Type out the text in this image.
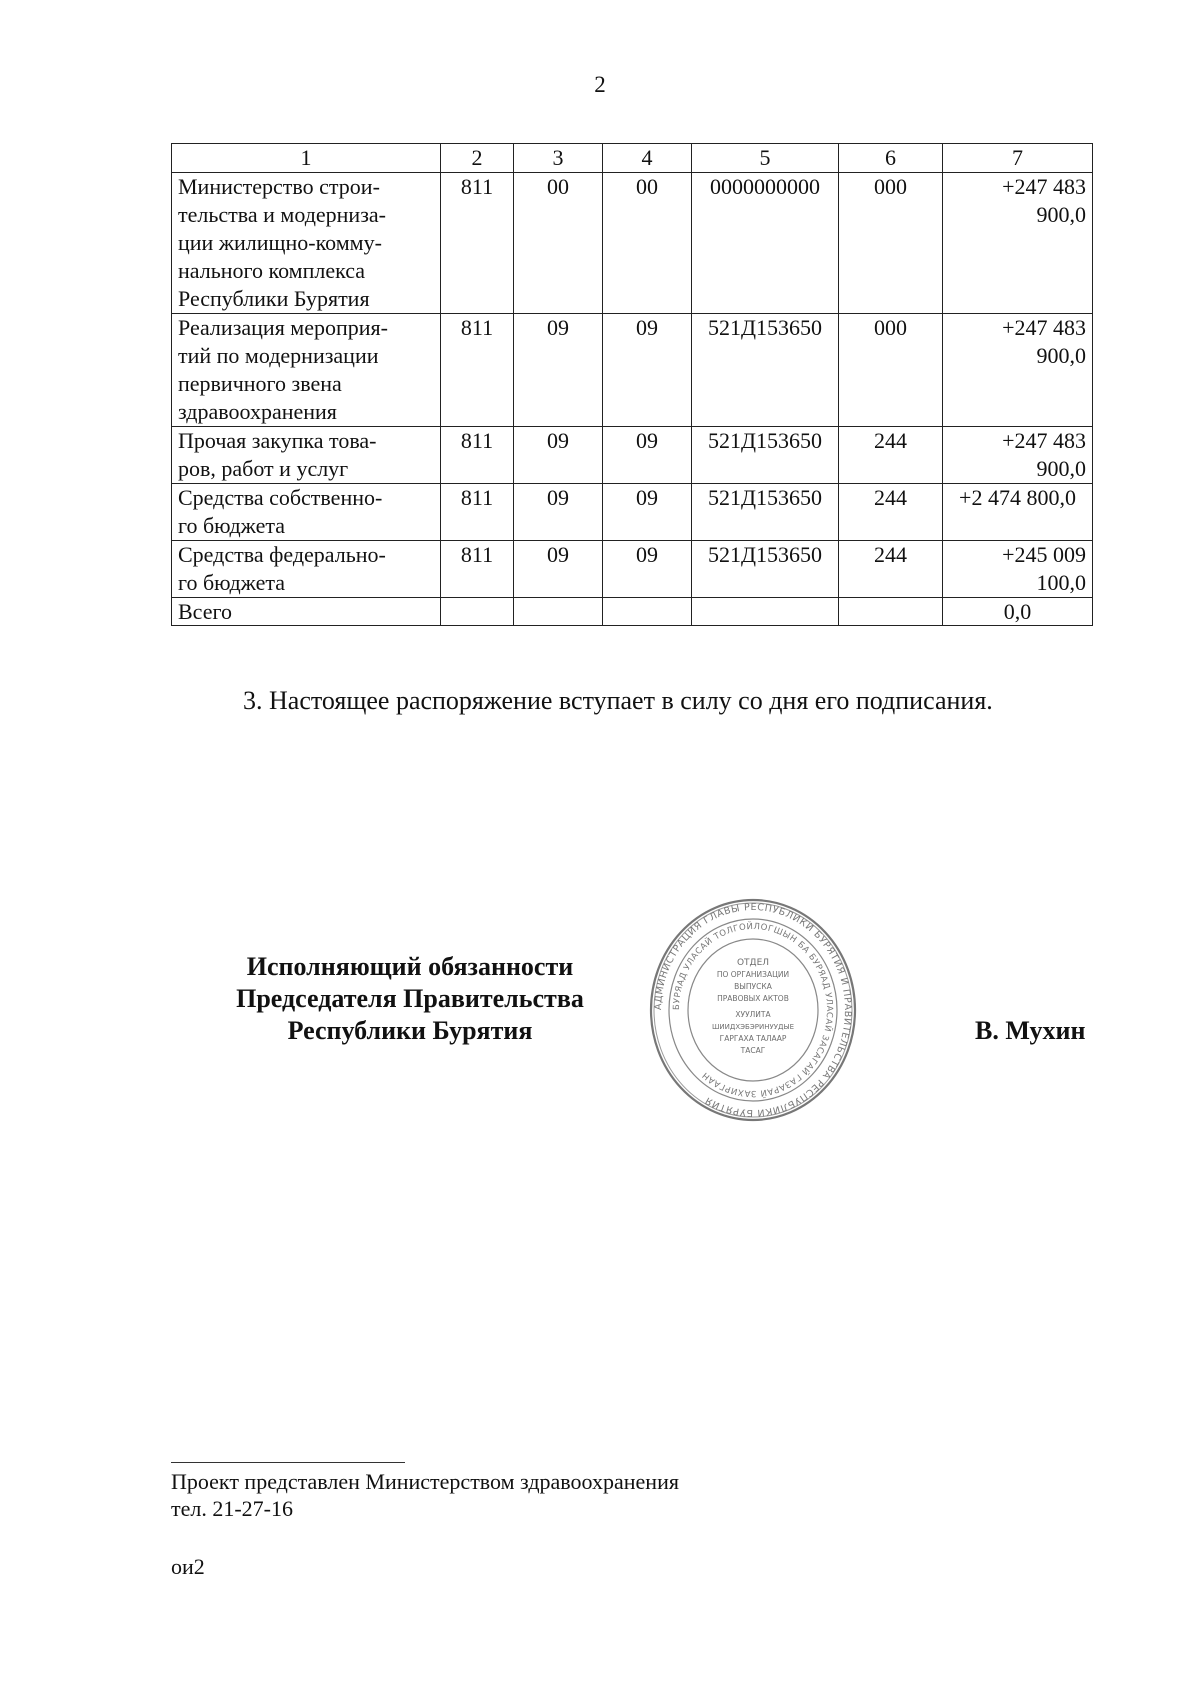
2
1	2	3	4	5	6	7
Министерство строи-
тельства и модерниза-
ции жилищно-комму-
нального комплекса
Республики Бурятия	811	00	00	0000000000	000	+247 483 900,0
Реализация мероприя-
тий по модернизации
первичного звена
здравоохранения	811	09	09	521Д153650	000	+247 483 900,0
Прочая закупка това-
ров, работ и услуг	811	09	09	521Д153650	244	+247 483 900,0
Средства собственно-
го бюджета	811	09	09	521Д153650	244	+2 474 800,0
Средства федерально-
го бюджета	811	09	09	521Д153650	244	+245 009 100,0
Всего						0,0
3. Настоящее распоряжение вступает в силу со дня его подписания.
Исполняющий обязанности
Председателя Правительства
Республики Бурятия	В. Мухин
АДМИНИСТРАЦИЯ ГЛАВЫ РЕСПУБЛИКИ БУРЯТИЯ И ПРАВИТЕЛЬСТВА РЕСПУБЛИКИ БУРЯТИЯ
БУРЯАД УЛАСАЙ ТОЛГОЙЛОГШЫН БА БУРЯАД УЛАСАЙ ЗАСАГАЙ ГАЗАРАЙ ЗАХИРГААН
ОТДЕЛ
ПО ОРГАНИЗАЦИИ
ВЫПУСКА
ПРАВОВЫХ АКТОВ
ХУУЛИТА
ШИИДХЭБЭРИНУУДЫЕ
ГАРГАХА ТАЛААР
ТАСАГ
Проект представлен Министерством здравоохранения
тел. 21-27-16
ои2
